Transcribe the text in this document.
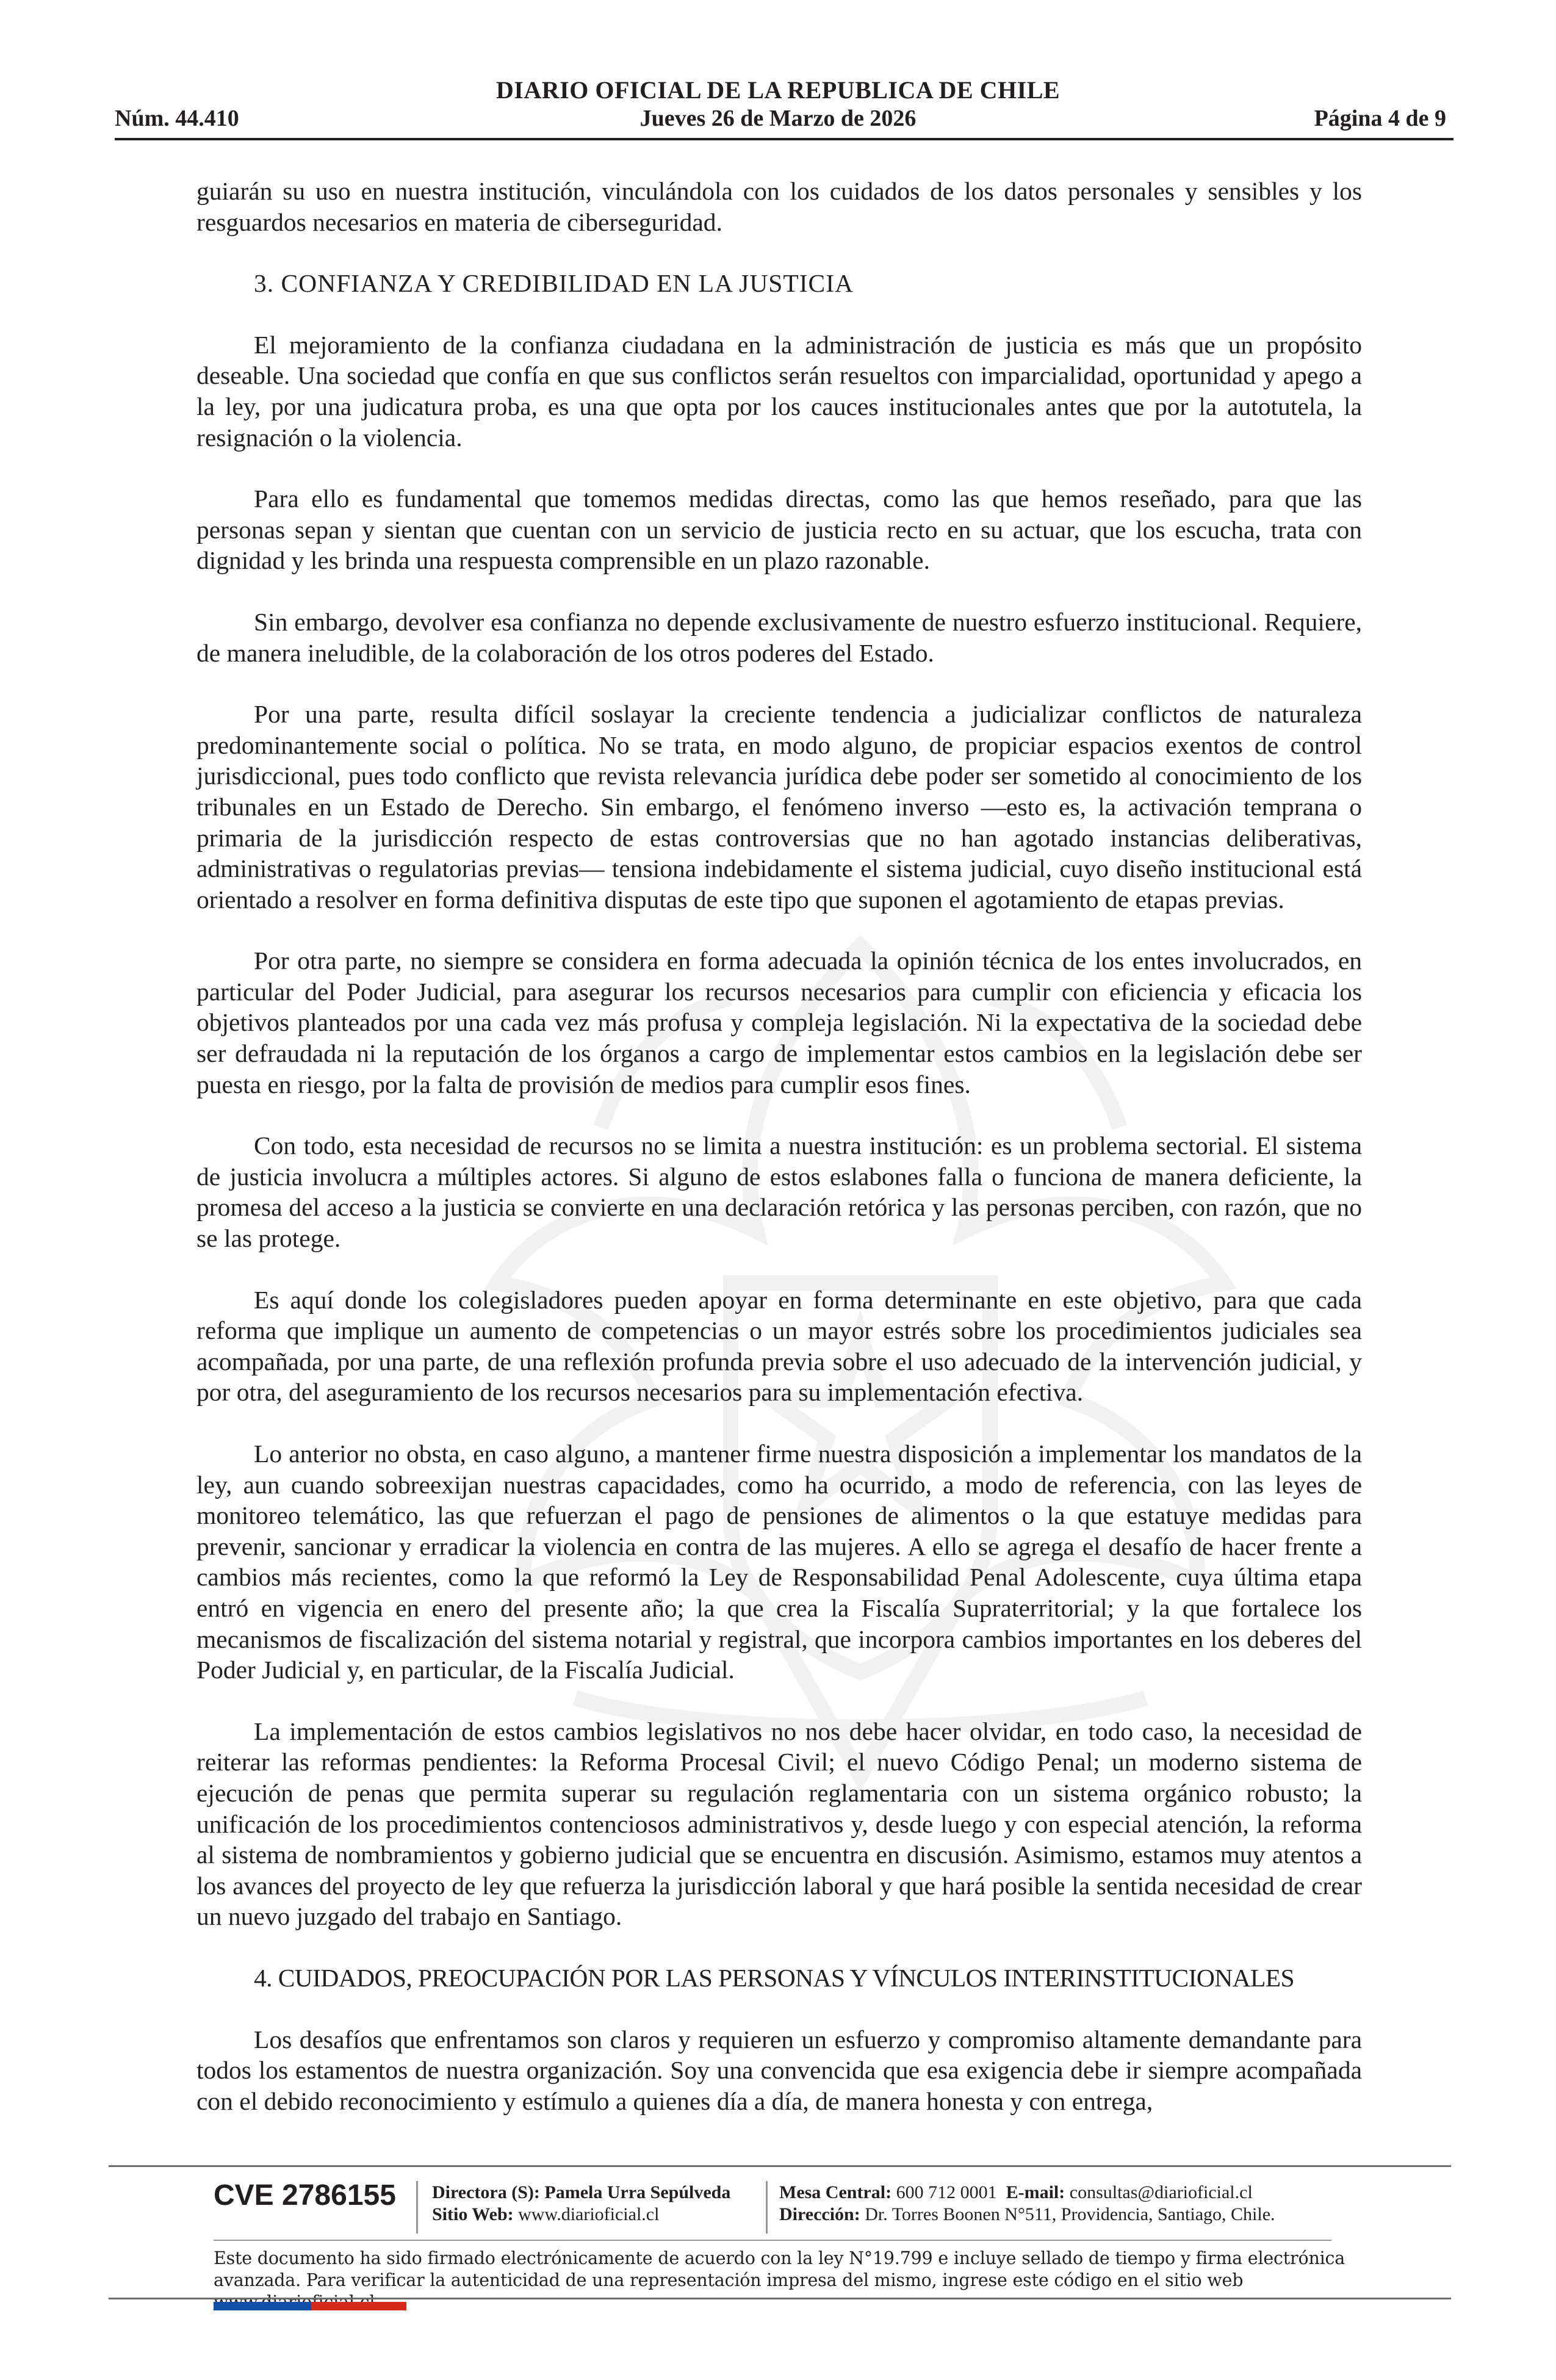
DIARIO OFICIAL DE LA REPUBLICA DE CHILE
Núm. 44.410	Jueves 26 de Marzo de 2026	Página 4 de 9

guiarán su uso en nuestra institución, vinculándola con los cuidados de los datos personales y sensibles y los resguardos necesarios en materia de ciberseguridad.

3. CONFIANZA Y CREDIBILIDAD EN LA JUSTICIA

El mejoramiento de la confianza ciudadana en la administración de justicia es más que un propósito deseable. Una sociedad que confía en que sus conflictos serán resueltos con imparcialidad, oportunidad y apego a la ley, por una judicatura proba, es una que opta por los cauces institucionales antes que por la autotutela, la resignación o la violencia.

Para ello es fundamental que tomemos medidas directas, como las que hemos reseñado, para que las personas sepan y sientan que cuentan con un servicio de justicia recto en su actuar, que los escucha, trata con dignidad y les brinda una respuesta comprensible en un plazo razonable.

Sin embargo, devolver esa confianza no depende exclusivamente de nuestro esfuerzo institucional. Requiere, de manera ineludible, de la colaboración de los otros poderes del Estado.

Por una parte, resulta difícil soslayar la creciente tendencia a judicializar conflictos de naturaleza predominantemente social o política. No se trata, en modo alguno, de propiciar espacios exentos de control jurisdiccional, pues todo conflicto que revista relevancia jurídica debe poder ser sometido al conocimiento de los tribunales en un Estado de Derecho. Sin embargo, el fenómeno inverso —esto es, la activación temprana o primaria de la jurisdicción respecto de estas controversias que no han agotado instancias deliberativas, administrativas o regulatorias previas— tensiona indebidamente el sistema judicial, cuyo diseño institucional está orientado a resolver en forma definitiva disputas de este tipo que suponen el agotamiento de etapas previas.

Por otra parte, no siempre se considera en forma adecuada la opinión técnica de los entes involucrados, en particular del Poder Judicial, para asegurar los recursos necesarios para cumplir con eficiencia y eficacia los objetivos planteados por una cada vez más profusa y compleja legislación. Ni la expectativa de la sociedad debe ser defraudada ni la reputación de los órganos a cargo de implementar estos cambios en la legislación debe ser puesta en riesgo, por la falta de provisión de medios para cumplir esos fines.

Con todo, esta necesidad de recursos no se limita a nuestra institución: es un problema sectorial. El sistema de justicia involucra a múltiples actores. Si alguno de estos eslabones falla o funciona de manera deficiente, la promesa del acceso a la justicia se convierte en una declaración retórica y las personas perciben, con razón, que no se las protege.

Es aquí donde los colegisladores pueden apoyar en forma determinante en este objetivo, para que cada reforma que implique un aumento de competencias o un mayor estrés sobre los procedimientos judiciales sea acompañada, por una parte, de una reflexión profunda previa sobre el uso adecuado de la intervención judicial, y por otra, del aseguramiento de los recursos necesarios para su implementación efectiva.

Lo anterior no obsta, en caso alguno, a mantener firme nuestra disposición a implementar los mandatos de la ley, aun cuando sobreexijan nuestras capacidades, como ha ocurrido, a modo de referencia, con las leyes de monitoreo telemático, las que refuerzan el pago de pensiones de alimentos o la que estatuye medidas para prevenir, sancionar y erradicar la violencia en contra de las mujeres. A ello se agrega el desafío de hacer frente a cambios más recientes, como la que reformó la Ley de Responsabilidad Penal Adolescente, cuya última etapa entró en vigencia en enero del presente año; la que crea la Fiscalía Supraterritorial; y la que fortalece los mecanismos de fiscalización del sistema notarial y registral, que incorpora cambios importantes en los deberes del Poder Judicial y, en particular, de la Fiscalía Judicial.

La implementación de estos cambios legislativos no nos debe hacer olvidar, en todo caso, la necesidad de reiterar las reformas pendientes: la Reforma Procesal Civil; el nuevo Código Penal; un moderno sistema de ejecución de penas que permita superar su regulación reglamentaria con un sistema orgánico robusto; la unificación de los procedimientos contenciosos administrativos y, desde luego y con especial atención, la reforma al sistema de nombramientos y gobierno judicial que se encuentra en discusión. Asimismo, estamos muy atentos a los avances del proyecto de ley que refuerza la jurisdicción laboral y que hará posible la sentida necesidad de crear un nuevo juzgado del trabajo en Santiago.

4. CUIDADOS, PREOCUPACIÓN POR LAS PERSONAS Y VÍNCULOS INTERINSTITUCIONALES

Los desafíos que enfrentamos son claros y requieren un esfuerzo y compromiso altamente demandante para todos los estamentos de nuestra organización. Soy una convencida que esa exigencia debe ir siempre acompañada con el debido reconocimiento y estímulo a quienes día a día, de manera honesta y con entrega,

CVE 2786155 Directora (S): Pamela Urra Sepúlveda
Sitio Web: www.diarioficial.cl
Mesa Central: 600 712 0001 E-mail: consultas@diarioficial.cl
Dirección: Dr. Torres Boonen N°511, Providencia, Santiago, Chile.
Este documento ha sido firmado electrónicamente de acuerdo con la ley N°19.799 e incluye sellado de tiempo y firma electrónica
avanzada. Para verificar la autenticidad de una representación impresa del mismo, ingrese este código en el sitio web
